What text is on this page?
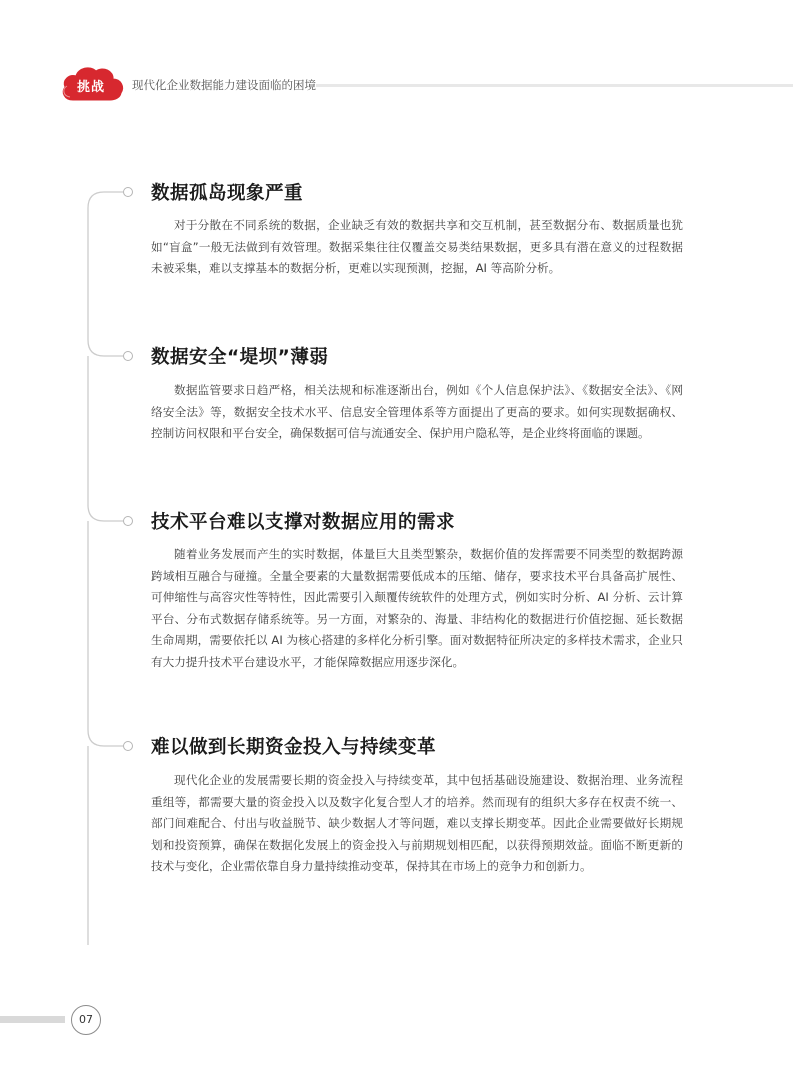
挑战	现代化企业数据能力建设面临的困境
数据孤岛现象严重
对于分散在不同系统的数据，企业缺乏有效的数据共享和交互机制，甚至数据分布、数据质量也犹如“盲盒”一般无法做到有效管理。数据采集往往仅覆盖交易类结果数据，更多具有潜在意义的过程数据未被采集，难以支撑基本的数据分析，更难以实现预测，挖掘，AI 等高阶分析。
数据安全“堤坝”薄弱
数据监管要求日趋严格，相关法规和标准逐渐出台，例如《个人信息保护法》、《数据安全法》、《网络安全法》等，数据安全技术水平、信息安全管理体系等方面提出了更高的要求。如何实现数据确权、控制访问权限和平台安全，确保数据可信与流通安全、保护用户隐私等，是企业终将面临的课题。
技术平台难以支撑对数据应用的需求
随着业务发展而产生的实时数据，体量巨大且类型繁杂，数据价值的发挥需要不同类型的数据跨源跨域相互融合与碰撞。全量全要素的大量数据需要低成本的压缩、储存，要求技术平台具备高扩展性、可伸缩性与高容灾性等特性，因此需要引入颠覆传统软件的处理方式，例如实时分析、AI 分析、云计算平台、分布式数据存储系统等。另一方面，对繁杂的、海量、非结构化的数据进行价值挖掘、延长数据生命周期，需要依托以 AI 为核心搭建的多样化分析引擎。面对数据特征所决定的多样技术需求，企业只有大力提升技术平台建设水平，才能保障数据应用逐步深化。
难以做到长期资金投入与持续变革
现代化企业的发展需要长期的资金投入与持续变革，其中包括基础设施建设、数据治理、业务流程重组等，都需要大量的资金投入以及数字化复合型人才的培养。然而现有的组织大多存在权责不统一、部门间难配合、付出与收益脱节、缺少数据人才等问题，难以支撑长期变革。因此企业需要做好长期规划和投资预算，确保在数据化发展上的资金投入与前期规划相匹配，以获得预期效益。面临不断更新的技术与变化，企业需依靠自身力量持续推动变革，保持其在市场上的竞争力和创新力。
07
